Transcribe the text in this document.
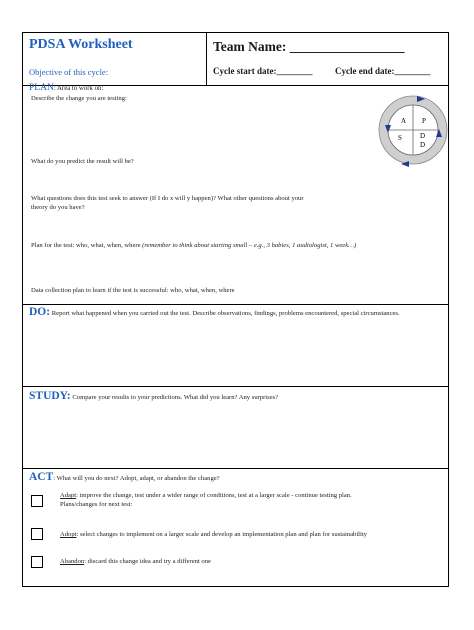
PDSA Worksheet
Objective of this cycle:
Team Name: _________________
Cycle start date:________	Cycle end date:________
PLAN: Area to work on:
Describe the change you are testing:
What do you predict the result will be?
What questions does this test seek to answer (If I do x will y happen)? What other questions about your
theory do you have?
Plan for the test: who, what, when, where (remember to think about starting small – e.g., 3 babies, 1 audiologist, 1 week…)
Data collection plan to learn if the test is successful: who, what, when, where
DO: Report what happened when you carried out the test. Describe observations, findings, problems encountered, special circumstances.
STUDY: Compare your results to your predictions. What did you learn? Any surprises?
ACT: What will you do next? Adopt, adapt, or abandon the change?
Adapt: improve the change, test under a wider range of conditions, test at a larger scale - continue testing plan.
Plans/changes for next test:
Adopt: select changes to implement on a larger scale and develop an implementation plan and plan for sustainability
Abandon: discard this change idea and try a different one
A P
S	D
D
